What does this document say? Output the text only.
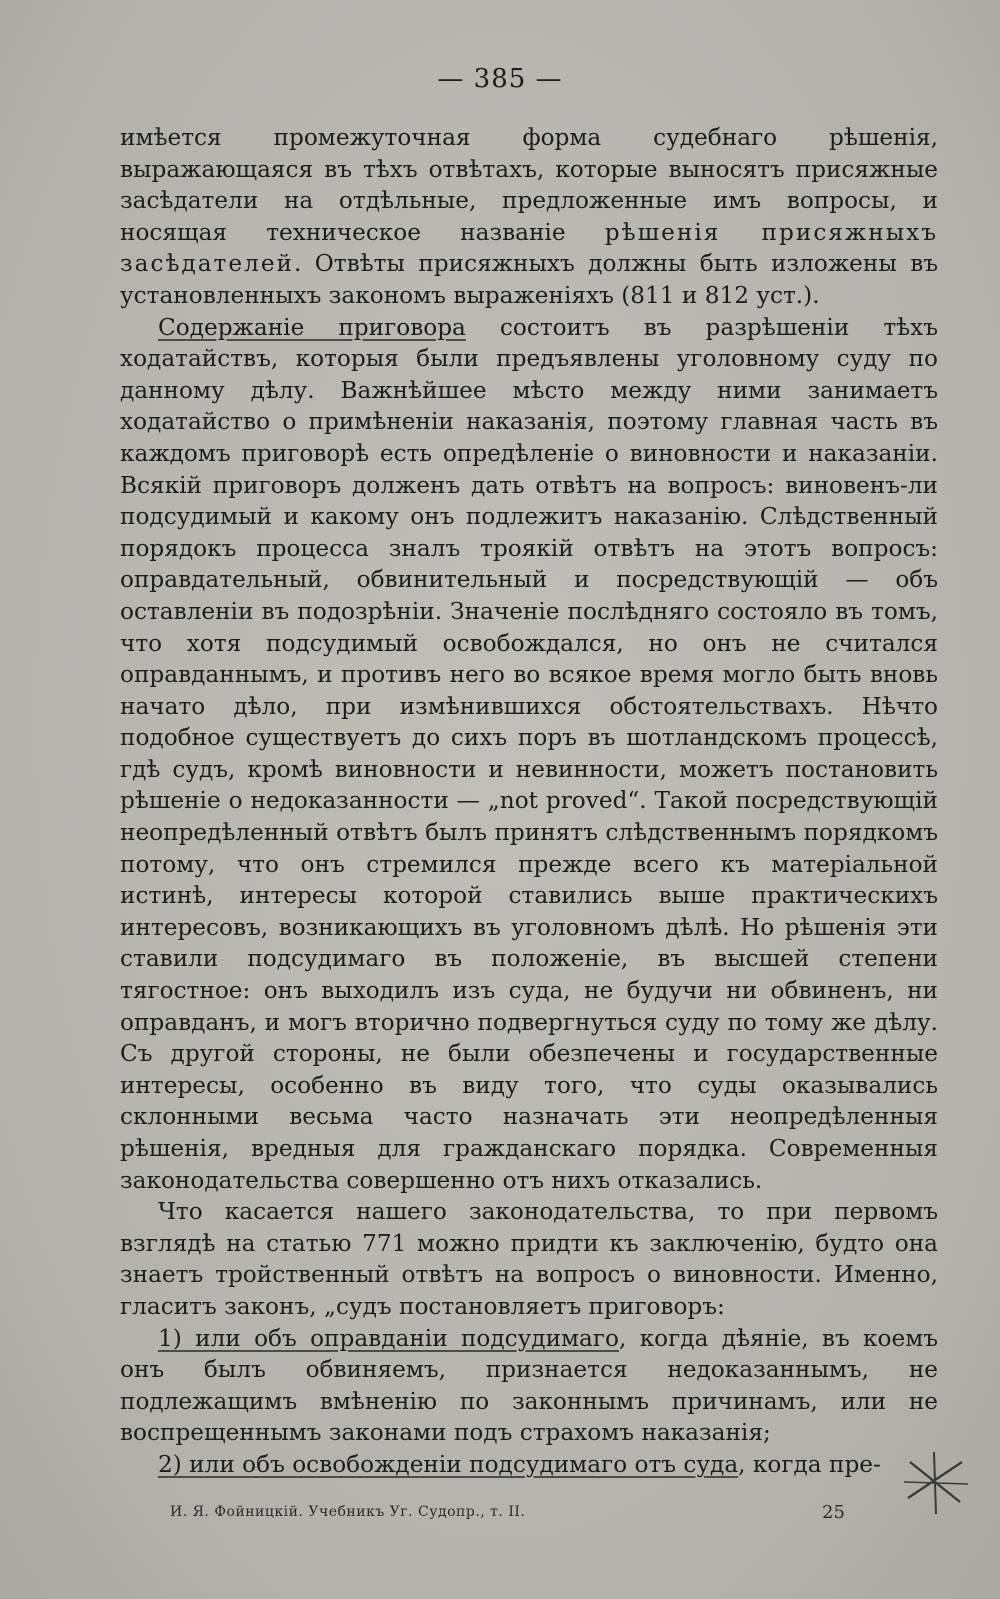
— 385 —

имѣется промежуточная форма судебнаго рѣшенія, выражающаяся въ тѣхъ отвѣтахъ, которые выносятъ присяжные засѣдатели на отдѣльные, предложенные имъ вопросы, и носящая техническое названіе рѣшенія присяжныхъ засѣдателей. Отвѣты присяжныхъ должны быть изложены въ установленныхъ закономъ выраженіяхъ (811 и 812 уст.).

Содержаніе приговора состоитъ въ разрѣшеніи тѣхъ ходатайствъ, которыя были предъявлены уголовному суду по данному дѣлу. Важнѣйшее мѣсто между ними занимаетъ ходатайство о примѣненіи наказанія, поэтому главная часть въ каждомъ приговорѣ есть опредѣленіе о виновности и наказаніи. Всякій приговоръ долженъ дать отвѣтъ на вопросъ: виновенъ-ли подсудимый и какому онъ подлежитъ наказанію. Слѣдственный порядокъ процесса зналъ троякій отвѣтъ на этотъ вопросъ: оправдательный, обвинительный и посредствующій — объ оставленіи въ подозрѣніи. Значеніе послѣдняго состояло въ томъ, что хотя подсудимый освобождался, но онъ не считался оправданнымъ, и противъ него во всякое время могло быть вновь начато дѣло, при измѣнившихся обстоятельствахъ. Нѣчто подобное существуетъ до сихъ поръ въ шотландскомъ процессѣ, гдѣ судъ, кромѣ виновности и невинности, можетъ постановить рѣшеніе о недоказанности — „not proved“. Такой посредствующій неопредѣленный отвѣтъ былъ принятъ слѣдственнымъ порядкомъ потому, что онъ стремился прежде всего къ матеріальной истинѣ, интересы которой ставились выше практическихъ интересовъ, возникающихъ въ уголовномъ дѣлѣ. Но рѣшенія эти ставили подсудимаго въ положеніе, въ высшей степени тягостное: онъ выходилъ изъ суда, не будучи ни обвиненъ, ни оправданъ, и могъ вторично подвергнуться суду по тому же дѣлу. Съ другой стороны, не были обезпечены и государственные интересы, особенно въ виду того, что суды оказывались склонными весьма часто назначать эти неопредѣленныя рѣшенія, вредныя для гражданскаго порядка. Современныя законодательства совершенно отъ нихъ отказались.

Что касается нашего законодательства, то при первомъ взглядѣ на статью 771 можно придти къ заключенію, будто она знаетъ тройственный отвѣтъ на вопросъ о виновности. Именно, гласитъ законъ, „судъ постановляетъ приговоръ:

1) или объ оправданіи подсудимаго, когда дѣяніе, въ коемъ онъ былъ обвиняемъ, признается недоказаннымъ, не подлежащимъ вмѣненію по законнымъ причинамъ, или не воспрещеннымъ законами подъ страхомъ наказанія;

2) или объ освобожденіи подсудимаго отъ суда, когда пре-

И. Я. Фойницкій. Учебникъ Уг. Судопр., т. II.	25
